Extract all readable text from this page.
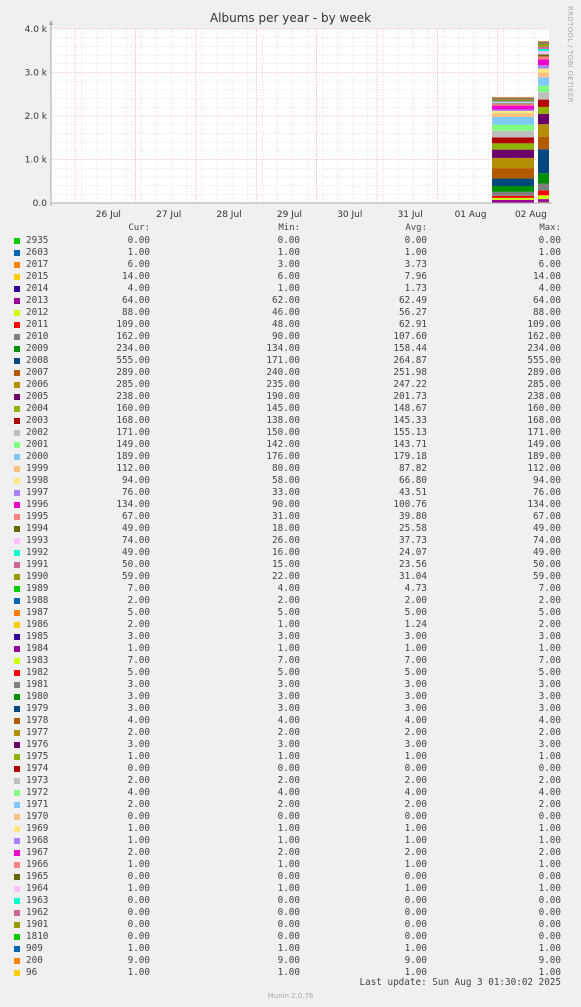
Albums per year - by week	RRDTOOL / TOBI OETIKER
0.0
1.0 k
2.0 k
3.0 k
4.0 k
26 Jul	27 Jul	28 Jul	29 Jul	30 Jul	31 Jul	01 Aug	02 Aug
Cur:	Min:	Avg:	Max:
2935	0.00	0.00	0.00	0.00
2603	1.00	1.00	1.00	1.00
2017	6.00	3.00	3.73	6.00
2015	14.00	6.00	7.96	14.00
2014	4.00	1.00	1.73	4.00
2013	64.00	62.00	62.49	64.00
2012	88.00	46.00	56.27	88.00
2011	109.00	48.00	62.91	109.00
2010	162.00	90.00	107.60	162.00
2009	234.00	134.00	158.44	234.00
2008	555.00	171.00	264.87	555.00
2007	289.00	240.00	251.98	289.00
2006	285.00	235.00	247.22	285.00
2005	238.00	190.00	201.73	238.00
2004	160.00	145.00	148.67	160.00
2003	168.00	138.00	145.33	168.00
2002	171.00	150.00	155.13	171.00
2001	149.00	142.00	143.71	149.00
2000	189.00	176.00	179.18	189.00
1999	112.00	80.00	87.82	112.00
1998	94.00	58.00	66.80	94.00
1997	76.00	33.00	43.51	76.00
1996	134.00	90.00	100.76	134.00
1995	67.00	31.00	39.80	67.00
1994	49.00	18.00	25.58	49.00
1993	74.00	26.00	37.73	74.00
1992	49.00	16.00	24.07	49.00
1991	50.00	15.00	23.56	50.00
1990	59.00	22.00	31.04	59.00
1989	7.00	4.00	4.73	7.00
1988	2.00	2.00	2.00	2.00
1987	5.00	5.00	5.00	5.00
1986	2.00	1.00	1.24	2.00
1985	3.00	3.00	3.00	3.00
1984	1.00	1.00	1.00	1.00
1983	7.00	7.00	7.00	7.00
1982	5.00	5.00	5.00	5.00
1981	3.00	3.00	3.00	3.00
1980	3.00	3.00	3.00	3.00
1979	3.00	3.00	3.00	3.00
1978	4.00	4.00	4.00	4.00
1977	2.00	2.00	2.00	2.00
1976	3.00	3.00	3.00	3.00
1975	1.00	1.00	1.00	1.00
1974	0.00	0.00	0.00	0.00
1973	2.00	2.00	2.00	2.00
1972	4.00	4.00	4.00	4.00
1971	2.00	2.00	2.00	2.00
1970	0.00	0.00	0.00	0.00
1969	1.00	1.00	1.00	1.00
1968	1.00	1.00	1.00	1.00
1967	2.00	2.00	2.00	2.00
1966	1.00	1.00	1.00	1.00
1965	0.00	0.00	0.00	0.00
1964	1.00	1.00	1.00	1.00
1963	0.00	0.00	0.00	0.00
1962	0.00	0.00	0.00	0.00
1901	0.00	0.00	0.00	0.00
1810	0.00	0.00	0.00	0.00
909	1.00	1.00	1.00	1.00
200	9.00	9.00	9.00	9.00
96	1.00	1.00	1.00	1.00
Last update: Sun Aug 3 01:30:02 2025
Munin 2.0.76
